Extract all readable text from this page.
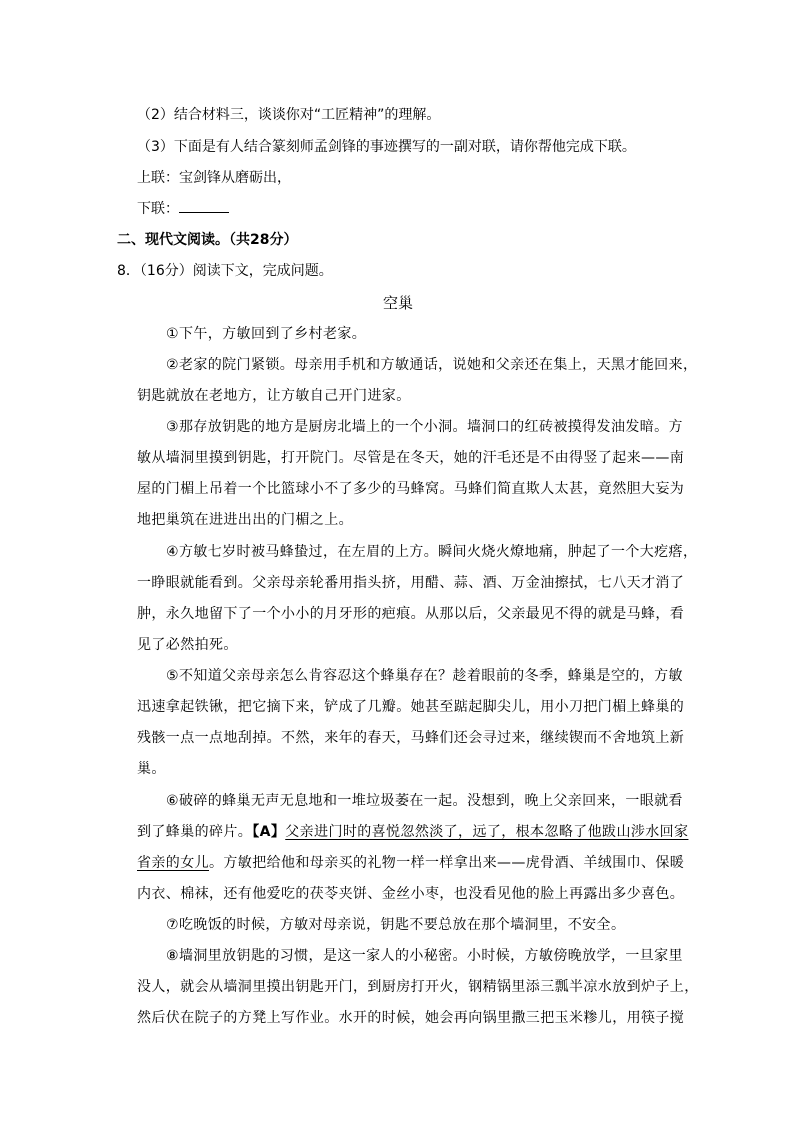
（2）结合材料三，谈谈你对“工匠精神”的理解。

（3）下面是有人结合篆刻师孟剑锋的事迹撰写的一副对联，请你帮他完成下联。

上联：宝剑锋从磨砺出，

下联：

二、现代文阅读。（共28分）

8．（16分）阅读下文，完成问题。

空巢

①下午，方敏回到了乡村老家。

②老家的院门紧锁。母亲用手机和方敏通话，说她和父亲还在集上，天黑才能回来，

钥匙就放在老地方，让方敏自己开门进家。

③那存放钥匙的地方是厨房北墙上的一个小洞。墙洞口的红砖被摸得发油发暗。方

敏从墙洞里摸到钥匙，打开院门。尽管是在冬天，她的汗毛还是不由得竖了起来——南

屋的门楣上吊着一个比篮球小不了多少的马蜂窝。马蜂们简直欺人太甚，竟然胆大妄为

地把巢筑在进进出出的门楣之上。

④方敏七岁时被马蜂蛰过，在左眉的上方。瞬间火烧火燎地痛，肿起了一个大疙瘩，

一睁眼就能看到。父亲母亲轮番用指头挤，用醋、蒜、酒、万金油擦拭，七八天才消了

肿，永久地留下了一个小小的月牙形的疤痕。从那以后，父亲最见不得的就是马蜂，看

见了必然拍死。

⑤不知道父亲母亲怎么肯容忍这个蜂巢存在？趁着眼前的冬季，蜂巢是空的，方敏

迅速拿起铁锹，把它摘下来，铲成了几瓣。她甚至踮起脚尖儿，用小刀把门楣上蜂巢的

残骸一点一点地刮掉。不然，来年的春天，马蜂们还会寻过来，继续锲而不舍地筑上新

巢。

⑥破碎的蜂巢无声无息地和一堆垃圾萎在一起。没想到，晚上父亲回来，一眼就看

到了蜂巢的碎片。【A】父亲进门时的喜悦忽然淡了，远了，根本忽略了他跋山涉水回家

省亲的女儿。方敏把给他和母亲买的礼物一样一样拿出来——虎骨酒、羊绒围巾、保暖

内衣、棉袜，还有他爱吃的茯苓夹饼、金丝小枣，也没看见他的脸上再露出多少喜色。

⑦吃晚饭的时候，方敏对母亲说，钥匙不要总放在那个墙洞里，不安全。

⑧墙洞里放钥匙的习惯，是这一家人的小秘密。小时候，方敏傍晚放学，一旦家里

没人，就会从墙洞里摸出钥匙开门，到厨房打开火，钢精锅里添三瓢半凉水放到炉子上，

然后伏在院子的方凳上写作业。水开的时候，她会再向锅里撒三把玉米糁儿，用筷子搅
